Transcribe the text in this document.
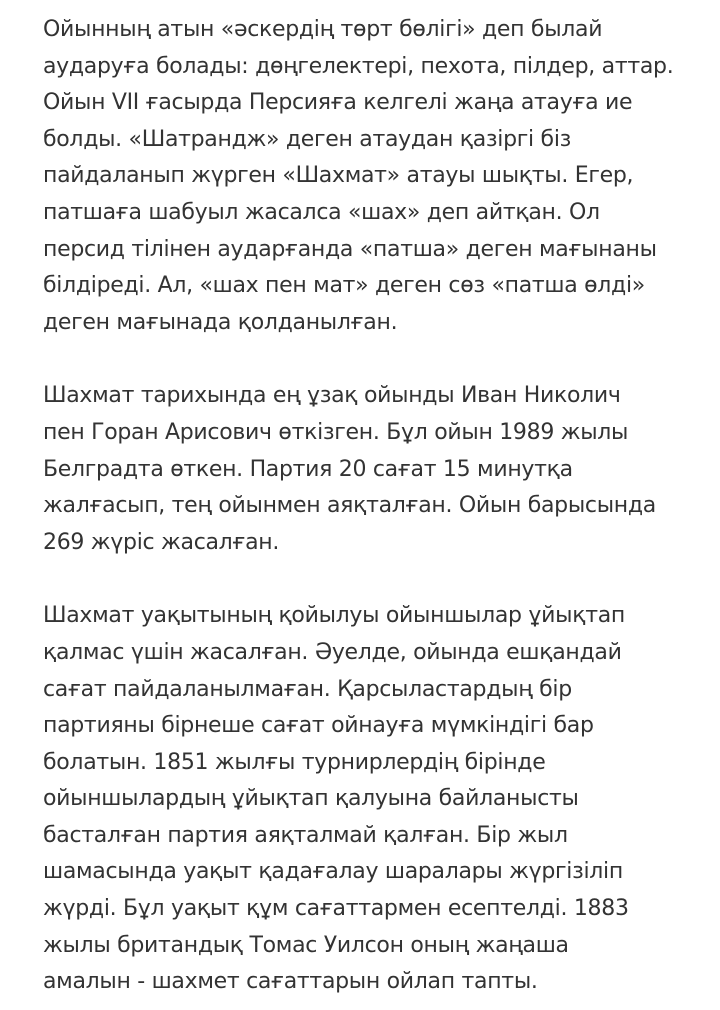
Ойынның атын «әскердің төрт бөлігі» деп былай
аударуға болады: дөңгелектері, пехота, пілдер, аттар.
Ойын VII ғасырда Персияға келгелі жаңа атауға ие
болды. «Шатрандж» деген атаудан қазіргі біз
пайдаланып жүрген «Шахмат» атауы шықты. Егер,
патшаға шабуыл жасалса «шах» деп айтқан. Ол
персид тілінен аударғанда «патша» деген мағынаны
білдіреді. Ал, «шах пен мат» деген сөз «патша өлді»
деген мағынада қолданылған.
Шахмат тарихында ең ұзақ ойынды Иван Николич
пен Горан Арисович өткізген. Бұл ойын 1989 жылы
Белградта өткен. Партия 20 сағат 15 минутқа
жалғасып, тең ойынмен аяқталған. Ойын барысында
269 жүріс жасалған.
Шахмат уақытының қойылуы ойыншылар ұйықтап
қалмас үшін жасалған. Әуелде, ойында ешқандай
сағат пайдаланылмаған. Қарсыластардың бір
партияны бірнеше сағат ойнауға мүмкіндігі бар
болатын. 1851 жылғы турнирлердің бірінде
ойыншылардың ұйықтап қалуына байланысты
басталған партия аяқталмай қалған. Бір жыл
шамасында уақыт қадағалау шаралары жүргізіліп
жүрді. Бұл уақыт құм сағаттармен есептелді. 1883
жылы британдық Томас Уилсон оның жаңаша
амалын - шахмет сағаттарын ойлап тапты.
